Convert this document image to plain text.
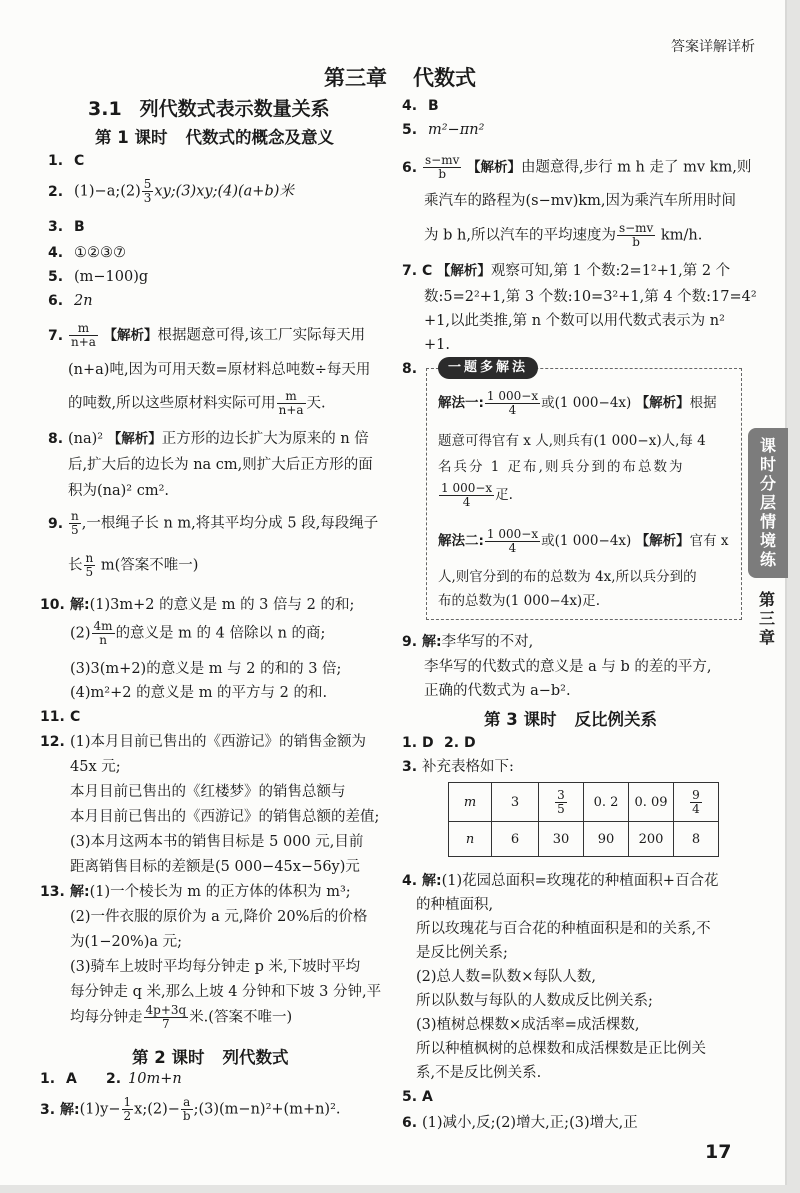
答案详解详析
第三章 代数式
3.1 列代数式表示数量关系
第 1 课时 代数式的概念及意义
1. C
2. (1)−a;(2) $\frac{5}{3}$ xy;(3)xy;(4)(a+b)米
3. B
4. ①②③⑦
5. (m−100)g
6. 2n
7. $\frac{m}{n+a}$ 【解析】根据题意可得,该工厂实际每天用
(n+a)吨,因为可用天数=原材料总吨数÷每天用
的吨数,所以这些原材料实际可用 $\frac{m}{n+a}$ 天.
8. (na)² 【解析】正方形的边长扩大为原来的 n 倍
后,扩大后的边长为 na cm,则扩大后正方形的面
积为(na)² cm².
9. $\frac{n}{5}$ ,一根绳子长 n m,将其平均分成 5 段,每段绳子
长 $\frac{n}{5} m$(答案不唯一)
10. 解:(1)3m+2 的意义是 m 的 3 倍与 2 的和;
$(2) \frac{4m}{n}$ 的意义是 m 的 4 倍除以 n 的商;
(3)3(m+2)的意义是 m 与 2 的和的 3 倍;
(4)m²+2 的意义是 m 的平方与 2 的和.
11. C
12. (1)本月目前已售出的《西游记》的销售金额为
45x 元;
本月目前已售出的《红楼梦》的销售总额与
本月目前已售出的《西游记》的销售总额的差值;
(3)本月这两本书的销售目标是 5 000 元,目前
距离销售目标的差额是(5 000−45x−56y)元
13. 解:(1)一个棱长为 m 的正方体的体积为 m³;
(2)一件衣服的原价为 a 元,降价 20%后的价格
为(1−20%)a 元;
(3)骑车上坡时平均每分钟走 p 米,下坡时平均
每分钟走 q 米,那么上坡 4 分钟和下坡 3 分钟,平
均每分钟走 $\frac{4p+3q}{7}$ 米.(答案不唯一)
第 2 课时 列代数式
1. A 2. 10m+n
3. 解:(1)y− $\frac{1}{2}$ x;(2)− $\frac{a}{b}$ ;(3)(m−n)²+(m+n)².
4. B
5. m²−πn²
6. $\frac{s-mv}{b}$ 【解析】由题意得,步行 m h 走了 mv km,则
乘汽车的路程为(s−mv)km,因为乘汽车所用时间
为 b h,所以汽车的平均速度为 $\frac{s-mv}{b} km/h$.
7. C 【解析】观察可知,第 1 个数:2=1²+1,第 2 个
数:5=2²+1,第 3 个数:10=3²+1,第 4 个数:17=4²
+1,以此类推,第 n 个数可以用代数式表示为 n²
+1.
8.	一题多解法
解法一: $\frac{1 000-x}{4}$ 或(1 000−4x) 【解析】根据
题意可得官有 x 人,则兵有(1 000−x)人,每 4
名兵分 1 疋布,则兵分到的布总数为
$\frac{1 000-x}{4}$ 疋.
解法二: $\frac{1 000-x}{4}$ 或(1 000−4x) 【解析】官有 x
人,则官分到的布的总数为 4x,所以兵分到的
布的总数为(1 000−4x)疋.
9. 解:李华写的不对,
李华写的代数式的意义是 a 与 b 的差的平方,
正确的代数式为 a−b².
第 3 课时 反比例关系
1. D 2. D
3. 补充表格如下:
m	3	$\frac{3}{5}$	0. 2	0. 09	$\frac{9}{4}$

n	6	30	90	200	8
4. 解:(1)花园总面积=玫瑰花的种植面积+百合花
的种植面积,
所以玫瑰花与百合花的种植面积是和的关系,不
是反比例关系;
(2)总人数=队数×每队人数,
所以队数与每队的人数成反比例关系;
(3)植树总棵数×成活率=成活棵数,
所以种植枫树的总棵数和成活棵数是正比例关
系,不是反比例关系.
5. A
6. (1)减小,反;(2)增大,正;(3)增大,正
17
课时分层情境练
第三章
